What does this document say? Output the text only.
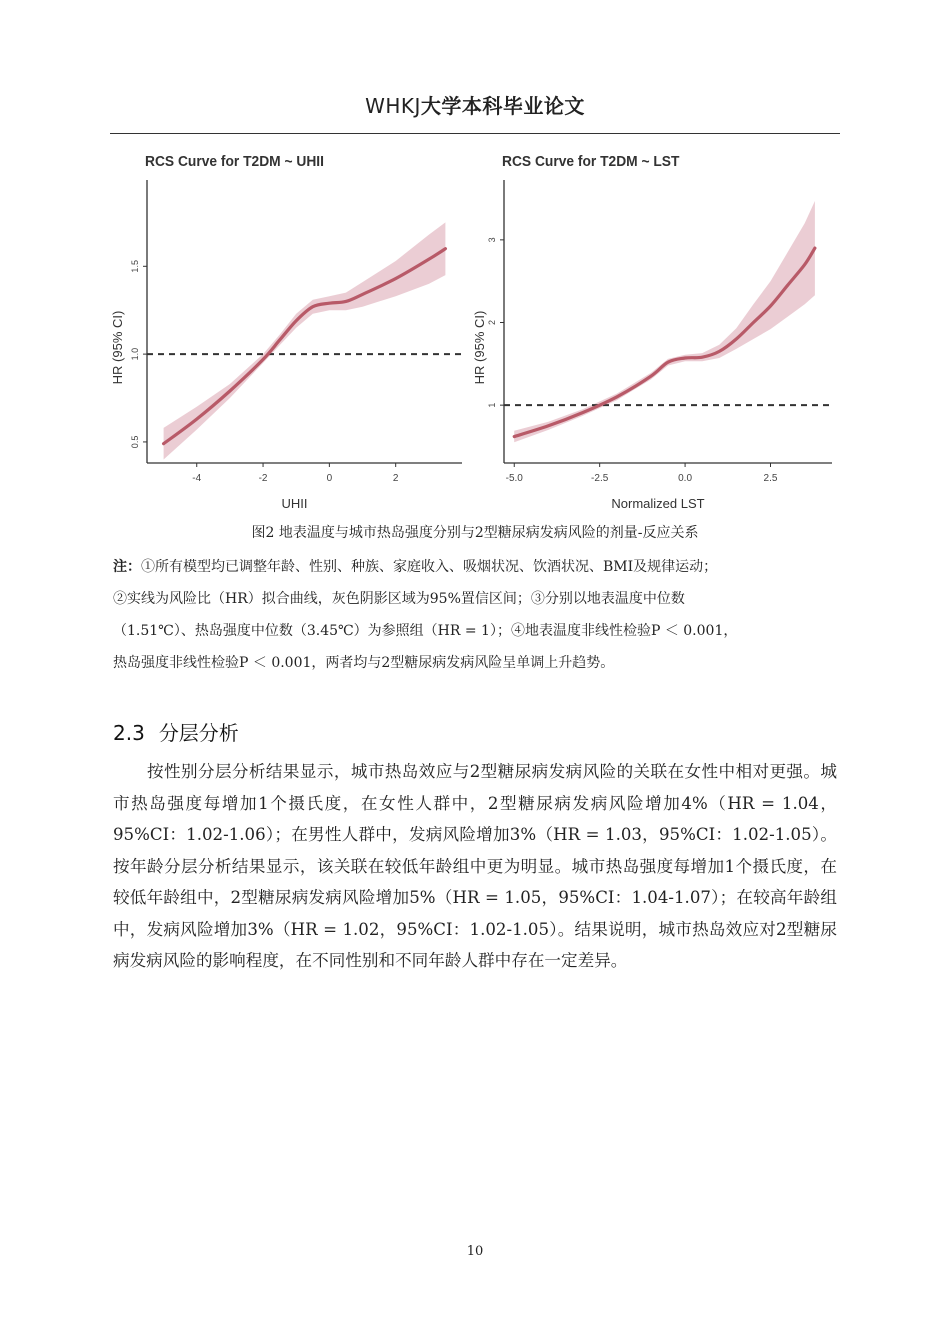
WHKJ大学本科毕业论文
RCS Curve for T2DM ~ UHII
-4	-2	0	2
0.5
1.0
1.5
UHII
HR (95% CI)
RCS Curve for T2DM ~ LST
-5.0	-2.5	0.0	2.5
1
2
3
Normalized LST
HR (95% CI)
图2 地表温度与城市热岛强度分别与2型糖尿病发病风险的剂量-反应关系
注：①所有模型均已调整年龄、性别、种族、家庭收入、吸烟状况、饮酒状况、BMI及规律运动；
②实线为风险比（HR）拟合曲线，灰色阴影区域为95%置信区间；③分别以地表温度中位数
（1.51℃）、热岛强度中位数（3.45℃）为参照组（HR = 1）；④地表温度非线性检验P ＜ 0.001，
热岛强度非线性检验P ＜ 0.001，两者均与2型糖尿病发病风险呈单调上升趋势。
2.3 分层分析

按性别分层分析结果显示，城市热岛效应与2型糖尿病发病风险的关联在女性中相对更强。城市热岛强度每增加1个摄氏度，在女性人群中，2型糖尿病发病风险增加4%（HR = 1.04，95%CI：1.02-1.06）；在男性人群中，发病风险增加3%（HR = 1.03，95%CI：1.02-1.05）。按年龄分层分析结果显示，该关联在较低年龄组中更为明显。城市热岛强度每增加1个摄氏度，在较低年龄组中，2型糖尿病发病风险增加5%（HR = 1.05，95%CI：1.04-1.07）；在较高年龄组中，发病风险增加3%（HR = 1.02，95%CI：1.02-1.05）。结果说明，城市热岛效应对2型糖尿病发病风险的影响程度，在不同性别和不同年龄人群中存在一定差异。

10
